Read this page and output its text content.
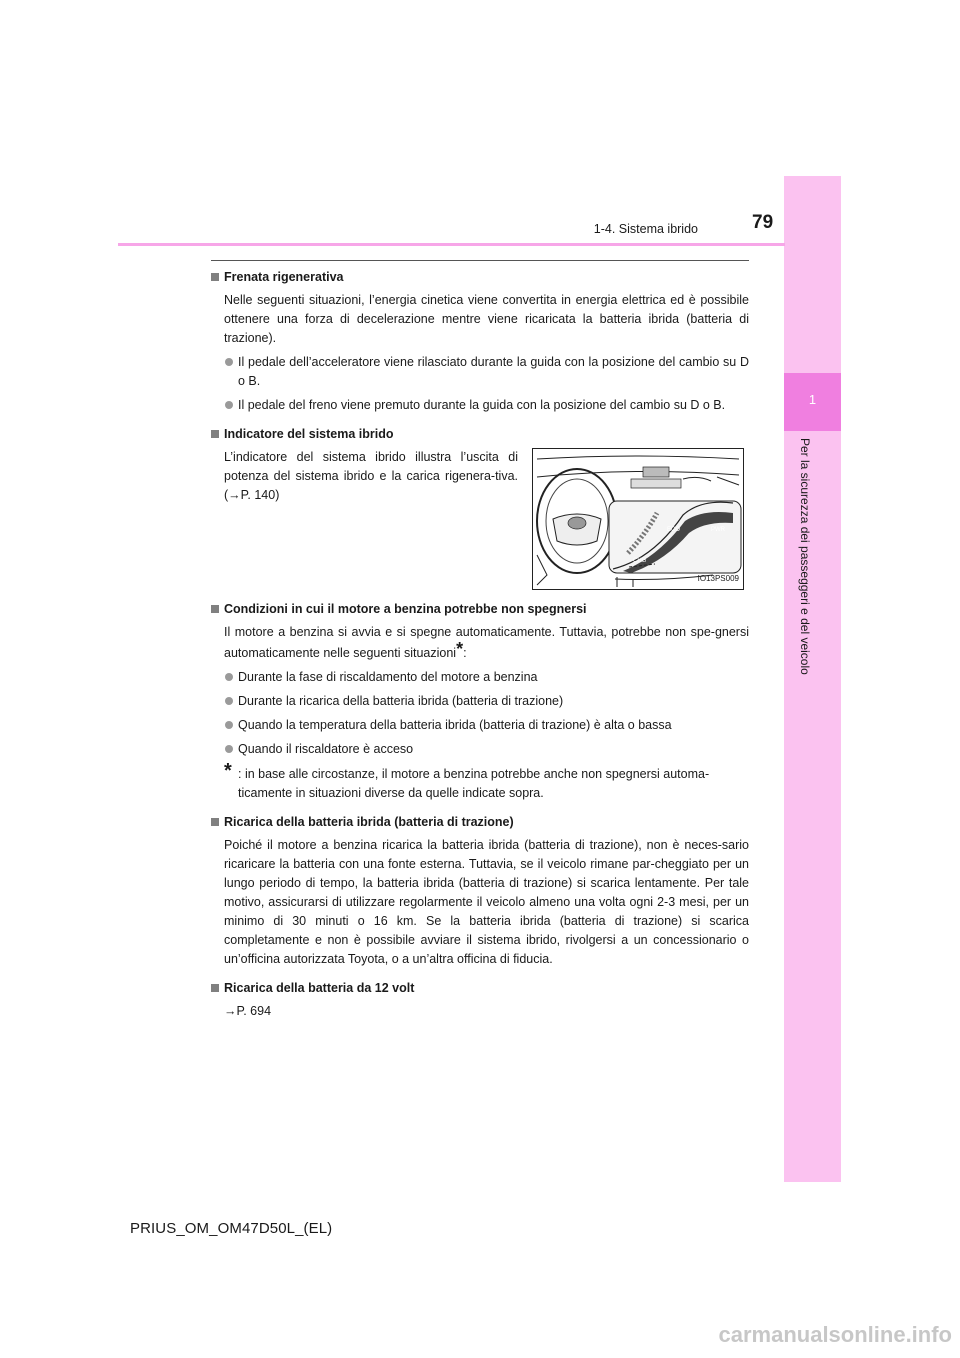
1
Per la sicurezza dei passeggeri e del veicolo
1-4. Sistema ibrido	79
Frenata rigenerativa
Nelle seguenti situazioni, l’energia cinetica viene convertita in energia elettrica ed è possibile ottenere una forza di decelerazione mentre viene ricaricata la batteria ibrida (batteria di trazione).
Il pedale dell’acceleratore viene rilasciato durante la guida con la posizione del cambio su D o B.
Il pedale del freno viene premuto durante la guida con la posizione del cambio su D o B.
Indicatore del sistema ibrido
L’indicatore del sistema ibrido illustra l’uscita di potenza del sistema ibrido e la carica rigenera-tiva. (→P. 140)
PWR
ECO
CHG
IO13PS009
Condizioni in cui il motore a benzina potrebbe non spegnersi
Il motore a benzina si avvia e si spegne automaticamente. Tuttavia, potrebbe non spe-gnersi automaticamente nelle seguenti situazioni*:
Durante la fase di riscaldamento del motore a benzina
Durante la ricarica della batteria ibrida (batteria di trazione)
Quando la temperatura della batteria ibrida (batteria di trazione) è alta o bassa
Quando il riscaldatore è acceso
* : in base alle circostanze, il motore a benzina potrebbe anche non spegnersi automa-ticamente in situazioni diverse da quelle indicate sopra.
Ricarica della batteria ibrida (batteria di trazione)
Poiché il motore a benzina ricarica la batteria ibrida (batteria di trazione), non è neces-sario ricaricare la batteria con una fonte esterna. Tuttavia, se il veicolo rimane par-cheggiato per un lungo periodo di tempo, la batteria ibrida (batteria di trazione) si scarica lentamente. Per tale motivo, assicurarsi di utilizzare regolarmente il veicolo almeno una volta ogni 2-3 mesi, per un minimo di 30 minuti o 16 km. Se la batteria ibrida (batteria di trazione) si scarica completamente e non è possibile avviare il sistema ibrido, rivolgersi a un concessionario o un’officina autorizzata Toyota, o a un’altra officina di fiducia.
Ricarica della batteria da 12 volt
→P. 694
PRIUS_OM_OM47D50L_(EL)
carmanualsonline.info
